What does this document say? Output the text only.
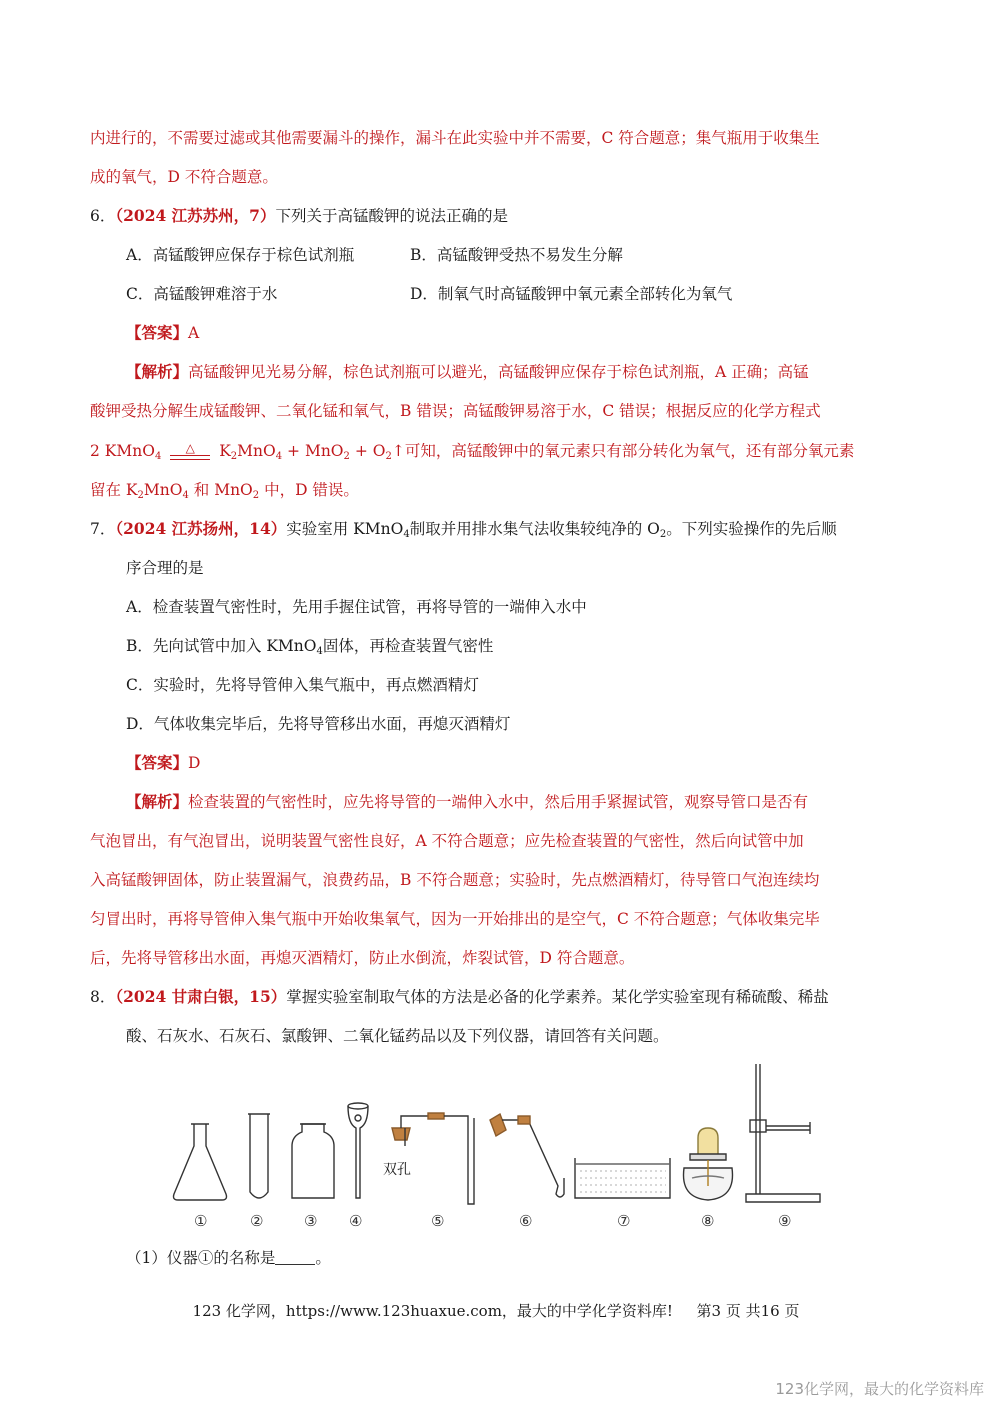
内进行的，不需要过滤或其他需要漏斗的操作，漏斗在此实验中并不需要，C 符合题意；集气瓶用于收集生
成的氧气，D 不符合题意。
6．（2024 江苏苏州，7）下列关于高锰酸钾的说法正确的是
A．高锰酸钾应保存于棕色试剂瓶	B．高锰酸钾受热不易发生分解
C．高锰酸钾难溶于水	D．制氧气时高锰酸钾中氧元素全部转化为氧气
【答案】A
【解析】高锰酸钾见光易分解，棕色试剂瓶可以避光，高锰酸钾应保存于棕色试剂瓶，A 正确；高锰
酸钾受热分解生成锰酸钾、二氧化锰和氧气，B 错误；高锰酸钾易溶于水，C 错误；根据反应的化学方程式
2 KMnO$_4$
△	$K_2MnO_4 + MnO_2$ + $O_2↑$可知，高锰酸钾中的氧元素只有部分转化为氧气，还有部分氧元素
留在 $K_2MnO_4$ 和 MnO$_2$ 中，D 错误。
7．（2024 江苏扬州，14）实验室用 KMnO$_4$制取并用排水集气法收集较纯净的 $O_2$。下列实验操作的先后顺
序合理的是
A．检查装置气密性时，先用手握住试管，再将导管的一端伸入水中
B．先向试管中加入 KMnO$_4$固体，再检查装置气密性
C．实验时，先将导管伸入集气瓶中，再点燃酒精灯
D．气体收集完毕后，先将导管移出水面，再熄灭酒精灯
【答案】D
【解析】检查装置的气密性时，应先将导管的一端伸入水中，然后用手紧握试管，观察导管口是否有
气泡冒出，有气泡冒出，说明装置气密性良好，A 不符合题意；应先检查装置的气密性，然后向试管中加
入高锰酸钾固体，防止装置漏气，浪费药品，B 不符合题意；实验时，先点燃酒精灯，待导管口气泡连续均
匀冒出时，再将导管伸入集气瓶中开始收集氧气，因为一开始排出的是空气，C 不符合题意；气体收集完毕
后，先将导管移出水面，再熄灭酒精灯，防止水倒流，炸裂试管，D 符合题意。
8．（2024 甘肃白银，15）掌握实验室制取气体的方法是必备的化学素养。某化学实验室现有稀硫酸、稀盐
酸、石灰水、石灰石、氯酸钾、二氧化锰药品以及下列仪器，请回答有关问题。
双孔
①	②	③ ④	⑤	⑥	⑦	⑧	⑨
（1）仪器①的名称是	。
123 化学网，https://www.123huaxue.com，最大的中学化学资料库! 第3 页 共16 页
123化学网，最大的化学资料库
